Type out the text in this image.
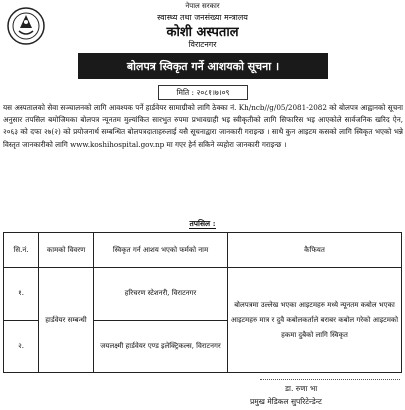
नेपाल सरकार
स्वास्थ्य तथा जनसंख्या मन्त्रालय
कोशी अस्पताल
विराटनगर
बोलपत्र स्विकृत गर्ने आशयको सूचना ।
मिति : २०८१।७।०९
यस अस्पतालको सेवा सञ्चालनको लागि आवश्यक पर्ने हार्डवेयर सामाग्रीको लागि ठेक्का नं. Kh/ncb//g/05/2081-2082 को बोलपत्र आह्वानको सूचना अनुसार तपसिल बमोजिमका बोलपत्र न्यूनतम मुल्यांकित सारभुत रुपमा प्रभावग्राही भइ स्वीकृतीको लागि सिफारिस भइ आएकोले सार्वजनिक खरिद ऐन, २०६३ को दफा २७(२) को प्रयोजनार्थ सम्बन्धित बोलपत्रदाताहरुलाई यसै सूचनाद्वारा जानकारी गराइन्छ । साथै कुन आइटम कसको लागि स्विकृत भएको भन्ने विस्तृत जानकारीको लागि www.koshihospital.gov.np मा गएर हेर्न सकिने व्यहोरा जानकारी गराइन्छ ।
तपसिल :
सि.नं.	कामको विवरण	स्विकृत गर्न आशय भएको फर्मको नाम	कैफियत
१.	हार्डवेयर सम्बन्धी	हरिचरण स्टेशनरी, विराटनगर	बोलपत्रमा उल्लेख भएका आइटमहरु मध्ये न्यूनतम कबोल भएका आइटमहरु मात्र र दुवै कबोलकर्ताले बराबर कबोल गरेको आइटमको हकमा दुबैको लागि स्विकृत
२.		जयलक्ष्मी हार्डवेयर एण्ड इलेक्ट्रिकल्स, विराटनगर	
डा. रुणा भा
प्रमुख मेडिकल सुपरिटेन्डेन्ट
